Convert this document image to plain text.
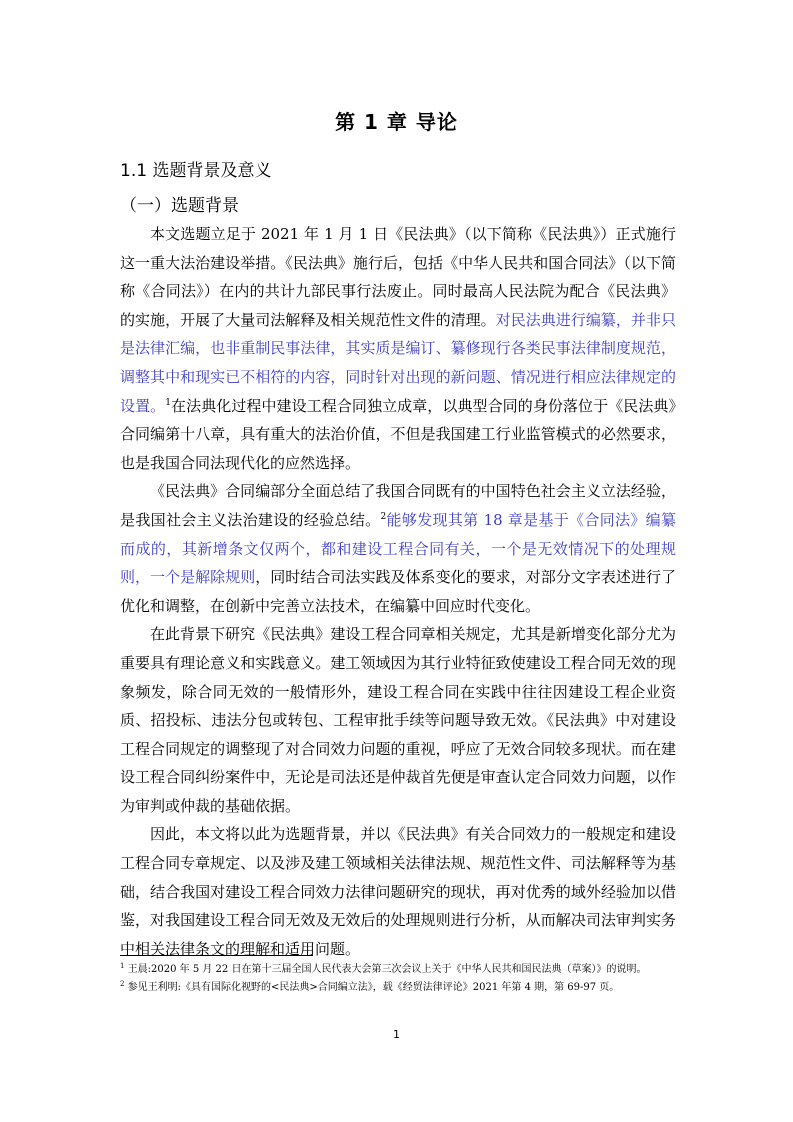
第 1 章 导论
1.1 选题背景及意义
（一）选题背景

本文选题立足于 2021 年 1 月 1 日《民法典》（以下简称《民法典》）正式施行这一重大法治建设举措。《民法典》施行后，包括《中华人民共和国合同法》（以下简称《合同法》）在内的共计九部民事行法废止。同时最高人民法院为配合《民法典》的实施，开展了大量司法解释及相关规范性文件的清理。对民法典进行编纂，并非只是法律汇编，也非重制民事法律，其实质是编订、纂修现行各类民事法律制度规范，调整其中和现实已不相符的内容，同时针对出现的新问题、情况进行相应法律规定的设置。$^1$在法典化过程中建设工程合同独立成章，以典型合同的身份落位于《民法典》合同编第十八章，具有重大的法治价值，不但是我国建工行业监管模式的必然要求，也是我国合同法现代化的应然选择。

《民法典》合同编部分全面总结了我国合同既有的中国特色社会主义立法经验，是我国社会主义法治建设的经验总结。$^2$能够发现其第 18 章是基于《合同法》编纂而成的，其新增条文仅两个，都和建设工程合同有关，一个是无效情况下的处理规则，一个是解除规则，同时结合司法实践及体系变化的要求，对部分文字表述进行了优化和调整，在创新中完善立法技术，在编纂中回应时代变化。

在此背景下研究《民法典》建设工程合同章相关规定，尤其是新增变化部分尤为重要具有理论意义和实践意义。建工领域因为其行业特征致使建设工程合同无效的现象频发，除合同无效的一般情形外，建设工程合同在实践中往往因建设工程企业资质、招投标、违法分包或转包、工程审批手续等问题导致无效。《民法典》中对建设工程合同规定的调整现了对合同效力问题的重视，呼应了无效合同较多现状。而在建设工程合同纠纷案件中，无论是司法还是仲裁首先便是审查认定合同效力问题，以作为审判或仲裁的基础依据。

因此，本文将以此为选题背景，并以《民法典》有关合同效力的一般规定和建设工程合同专章规定、以及涉及建工领域相关法律法规、规范性文件、司法解释等为基础，结合我国对建设工程合同效力法律问题研究的现状，再对优秀的域外经验加以借鉴，对我国建设工程合同无效及无效后的处理规则进行分析，从而解决司法审判实务中相关法律条文的理解和适用问题。

$^1$ 王晨:2020 年 5 月 22 日在第十三届全国人民代表大会第三次会议上关于《中华人民共和国民法典（草案）》的说明。
$^2$ 参见王利明:《具有国际化视野的<民法典>合同编立法》，载《经贸法律评论》2021 年第 4 期，第 69-97 页。
1
